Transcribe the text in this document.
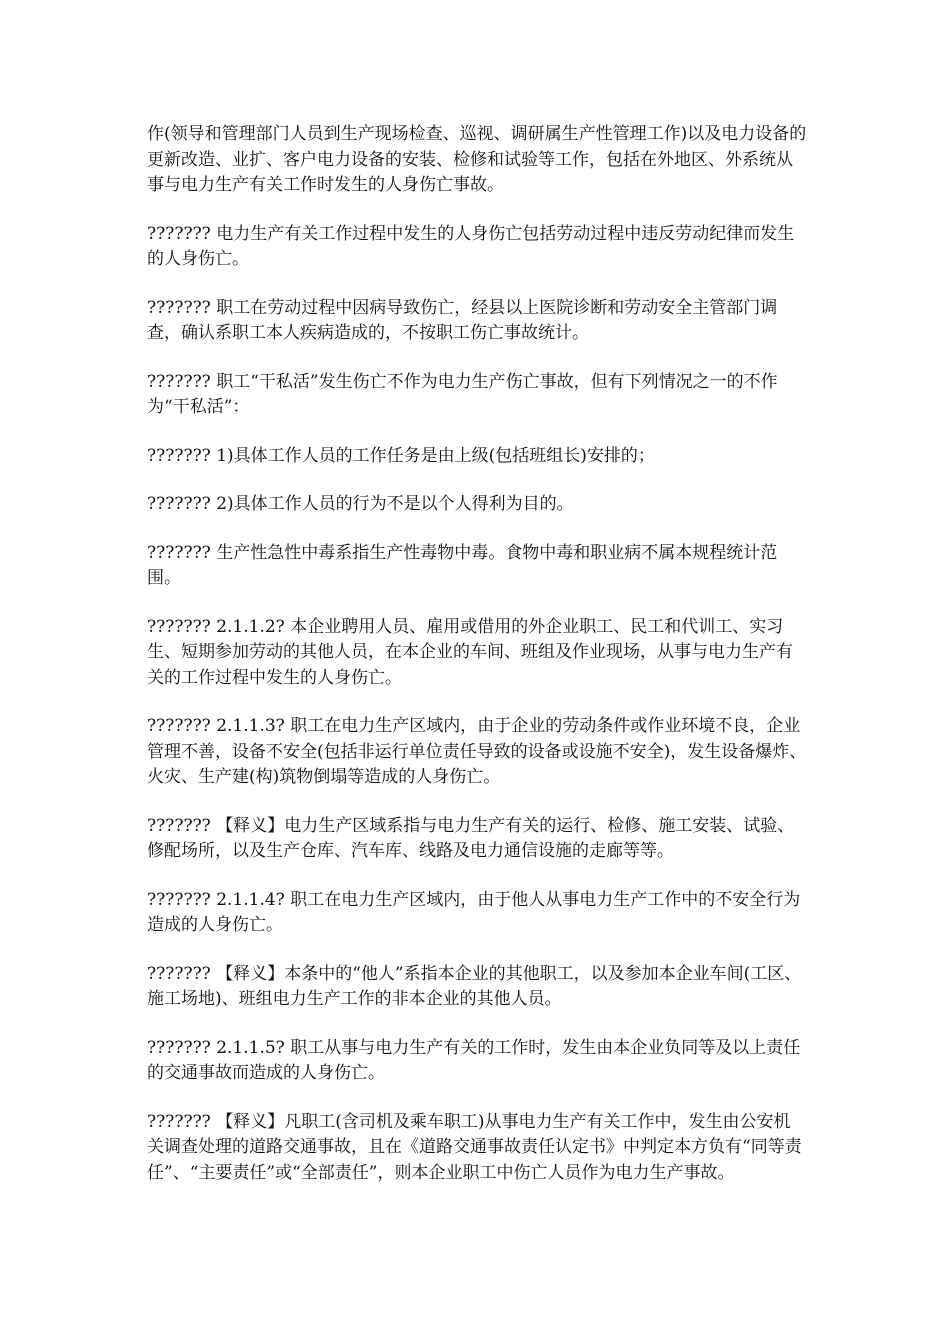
作(领导和管理部门人员到生产现场检查、巡视、调研属生产性管理工作)以及电力设备的更新改造、业扩、客户电力设备的安装、检修和试验等工作，包括在外地区、外系统从事与电力生产有关工作时发生的人身伤亡事故。

??????? 电力生产有关工作过程中发生的人身伤亡包括劳动过程中违反劳动纪律而发生的人身伤亡。

??????? 职工在劳动过程中因病导致伤亡，经县以上医院诊断和劳动安全主管部门调查，确认系职工本人疾病造成的，不按职工伤亡事故统计。

??????? 职工“干私活”发生伤亡不作为电力生产伤亡事故，但有下列情况之一的不作为“干私活”：

??????? 1)具体工作人员的工作任务是由上级(包括班组长)安排的；

??????? 2)具体工作人员的行为不是以个人得利为目的。

??????? 生产性急性中毒系指生产性毒物中毒。食物中毒和职业病不属本规程统计范围。

??????? 2.1.1.2? 本企业聘用人员、雇用或借用的外企业职工、民工和代训工、实习生、短期参加劳动的其他人员，在本企业的车间、班组及作业现场，从事与电力生产有关的工作过程中发生的人身伤亡。

??????? 2.1.1.3? 职工在电力生产区域内，由于企业的劳动条件或作业环境不良，企业管理不善，设备不安全(包括非运行单位责任导致的设备或设施不安全)，发生设备爆炸、火灾、生产建(构)筑物倒塌等造成的人身伤亡。

??????? 【释义】电力生产区域系指与电力生产有关的运行、检修、施工安装、试验、修配场所，以及生产仓库、汽车库、线路及电力通信设施的走廊等等。

??????? 2.1.1.4? 职工在电力生产区域内，由于他人从事电力生产工作中的不安全行为造成的人身伤亡。

??????? 【释义】本条中的“他人”系指本企业的其他职工，以及参加本企业车间(工区、施工场地)、班组电力生产工作的非本企业的其他人员。

??????? 2.1.1.5? 职工从事与电力生产有关的工作时，发生由本企业负同等及以上责任的交通事故而造成的人身伤亡。

??????? 【释义】凡职工(含司机及乘车职工)从事电力生产有关工作中，发生由公安机关调查处理的道路交通事故，且在《道路交通事故责任认定书》中判定本方负有“同等责任”、“主要责任”或“全部责任”，则本企业职工中伤亡人员作为电力生产事故。
